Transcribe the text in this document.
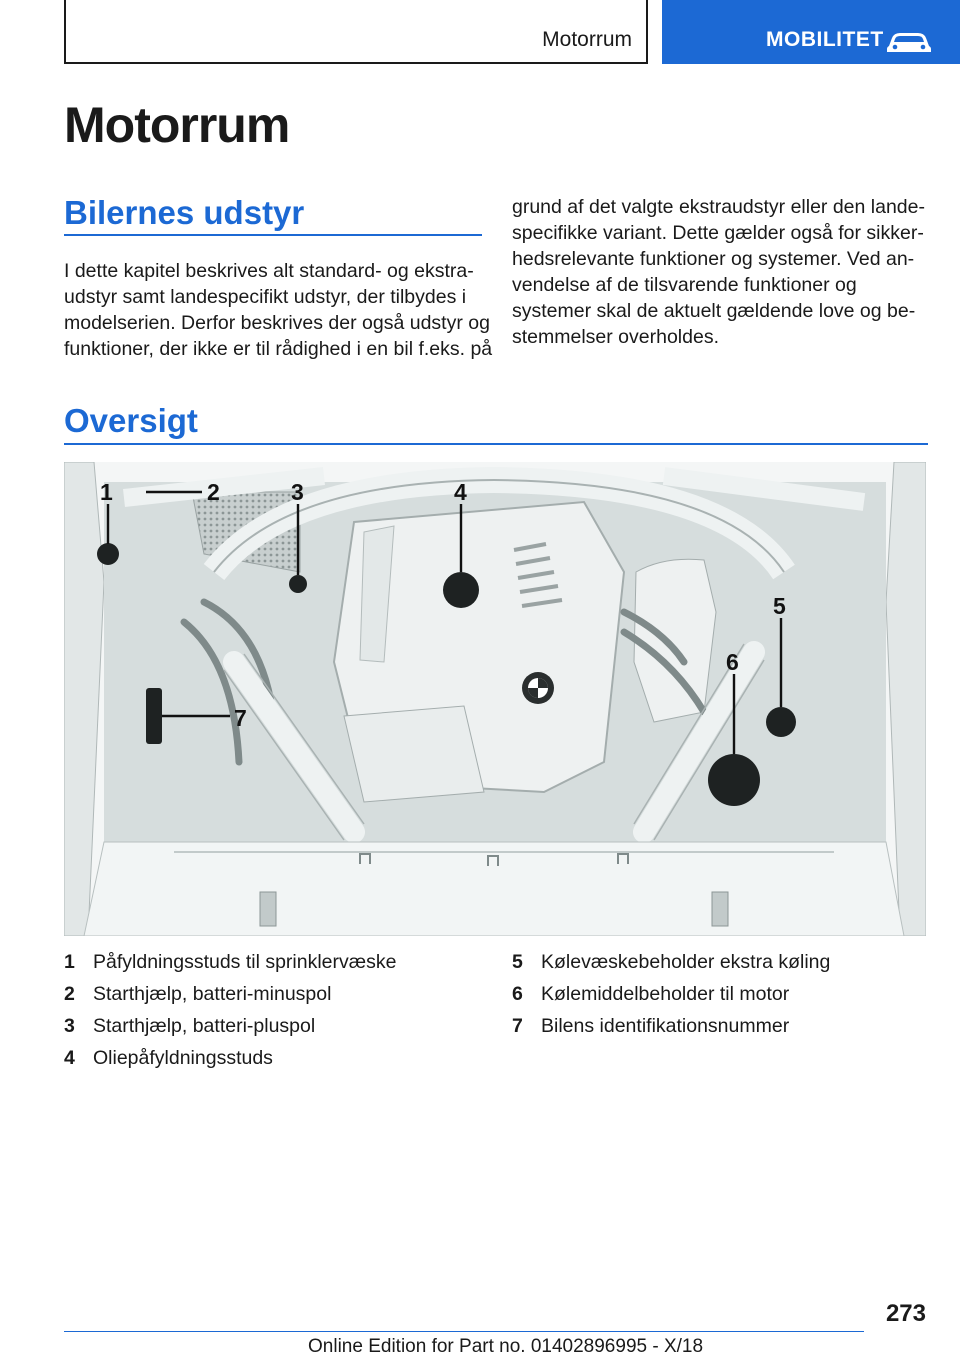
Motorrum	MOBILITET
Motorrum
Bilernes udstyr

I dette kapitel beskrives alt standard- og ekstra-
udstyr samt landespecifikt udstyr, der tilbydes i
modelserien. Derfor beskrives der også udstyr og
funktioner, der ikke er til rådighed i en bil f.eks. på

grund af det valgte ekstraudstyr eller den lande-
specifikke variant. Dette gælder også for sikker-
hedsrelevante funktioner og systemer. Ved an-
vendelse af de tilsvarende funktioner og
systemer skal de aktuelt gældende love og be-
stemmelser overholdes.

Oversigt
1	2	3	4
5
6
7
1 Påfyldningsstuds til sprinklervæske
2 Starthjælp, batteri-minuspol
3 Starthjælp, batteri-pluspol
4 Oliepåfyldningsstuds
5 Kølevæskebeholder ekstra køling
6 Kølemiddelbeholder til motor
7 Bilens identifikationsnummer
273
Online Edition for Part no. 01402896995 - X/18
